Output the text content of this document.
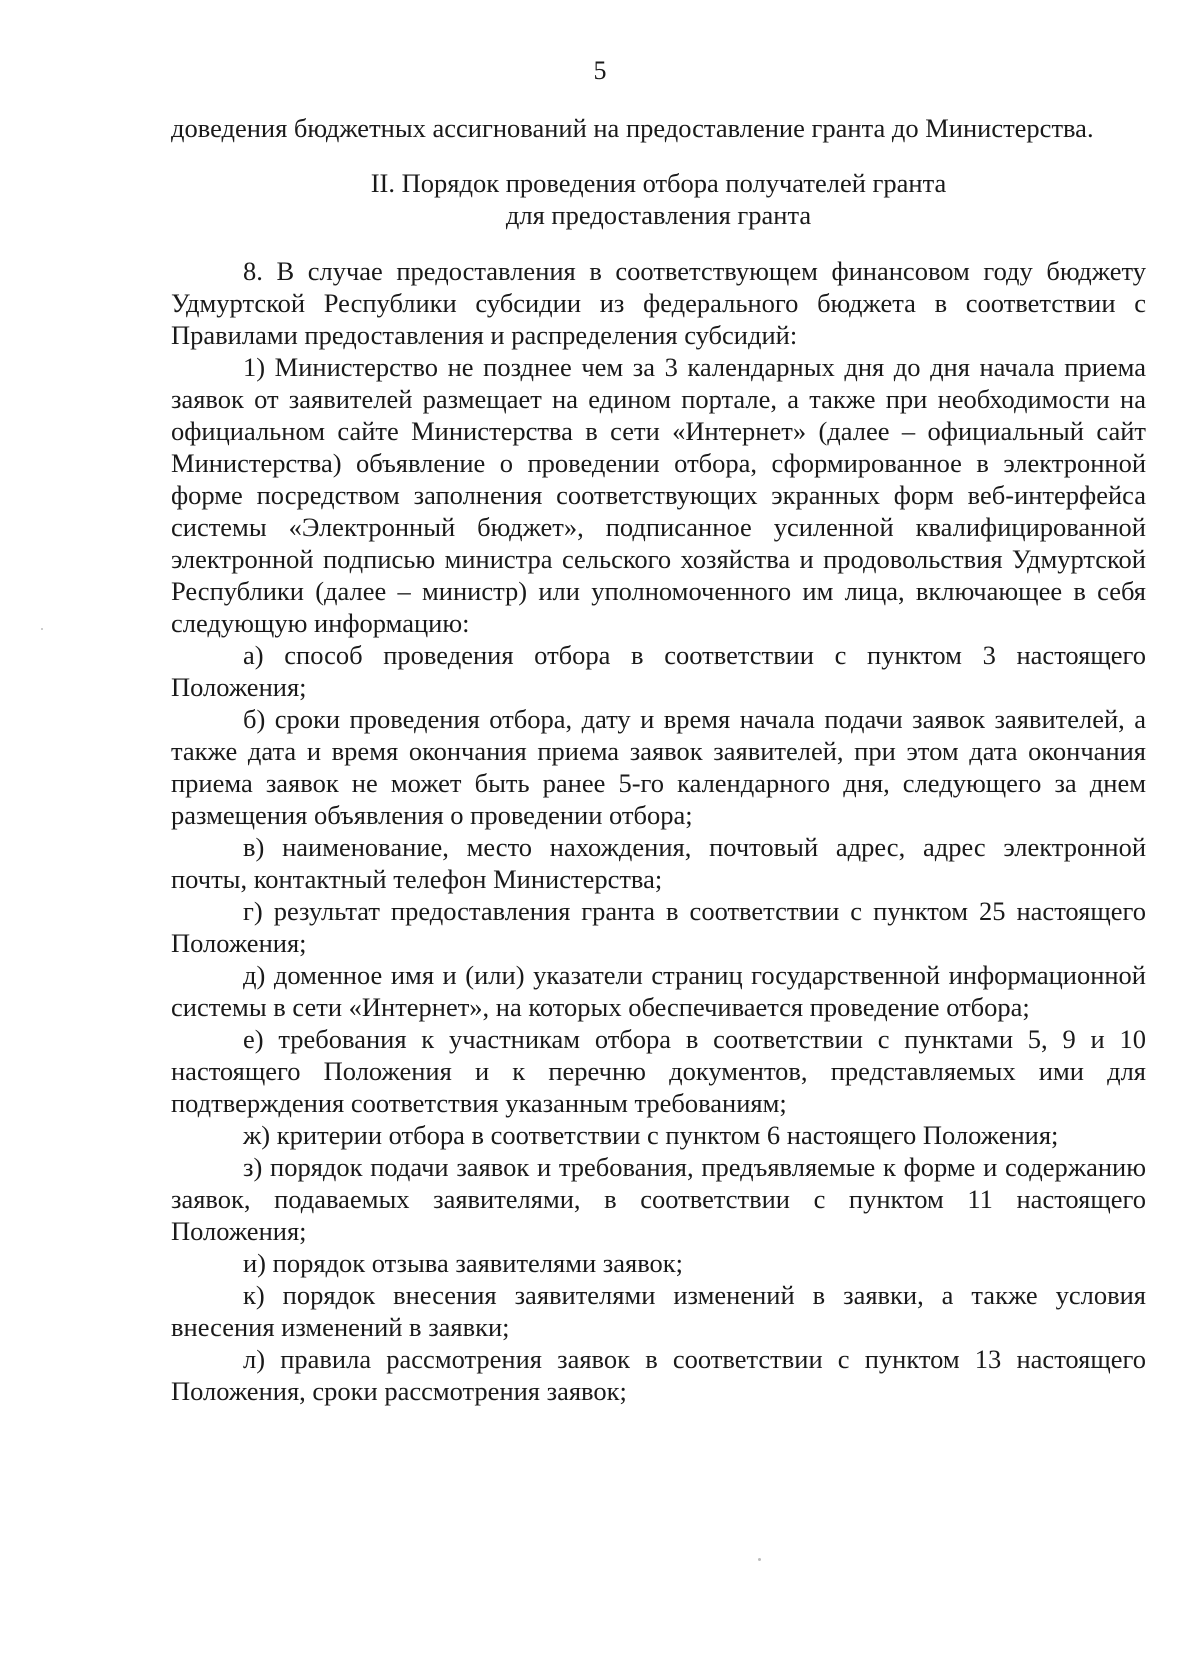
5

доведения бюджетных ассигнований на предоставление гранта до Министерства.

II. Порядок проведения отбора получателей гранта
для предоставления гранта

8. В случае предоставления в соответствующем финансовом году бюджету Удмуртской Республики субсидии из федерального бюджета в соответствии с Правилами предоставления и распределения субсидий:

1) Министерство не позднее чем за 3 календарных дня до дня начала приема заявок от заявителей размещает на едином портале, а также при необходимости на официальном сайте Министерства в сети «Интернет» (далее – официальный сайт Министерства) объявление о проведении отбора, сформированное в электронной форме посредством заполнения соответствующих экранных форм веб-интерфейса системы «Электронный бюджет», подписанное усиленной квалифицированной электронной подписью министра сельского хозяйства и продовольствия Удмуртской Республики (далее – министр) или уполномоченного им лица, включающее в себя следующую информацию:

а) способ проведения отбора в соответствии с пунктом 3 настоящего Положения;

б) сроки проведения отбора, дату и время начала подачи заявок заявителей, а также дата и время окончания приема заявок заявителей, при этом дата окончания приема заявок не может быть ранее 5-го календарного дня, следующего за днем размещения объявления о проведении отбора;

в) наименование, место нахождения, почтовый адрес, адрес электронной почты, контактный телефон Министерства;

г) результат предоставления гранта в соответствии с пунктом 25 настоящего Положения;

д) доменное имя и (или) указатели страниц государственной информационной системы в сети «Интернет», на которых обеспечивается проведение отбора;

е) требования к участникам отбора в соответствии с пунктами 5, 9 и 10 настоящего Положения и к перечню документов, представляемых ими для подтверждения соответствия указанным требованиям;

ж) критерии отбора в соответствии с пунктом 6 настоящего Положения;

з) порядок подачи заявок и требования, предъявляемые к форме и содержанию заявок, подаваемых заявителями, в соответствии с пунктом 11 настоящего Положения;

и) порядок отзыва заявителями заявок;

к) порядок внесения заявителями изменений в заявки, а также условия внесения изменений в заявки;

л) правила рассмотрения заявок в соответствии с пунктом 13 настоящего Положения, сроки рассмотрения заявок;
